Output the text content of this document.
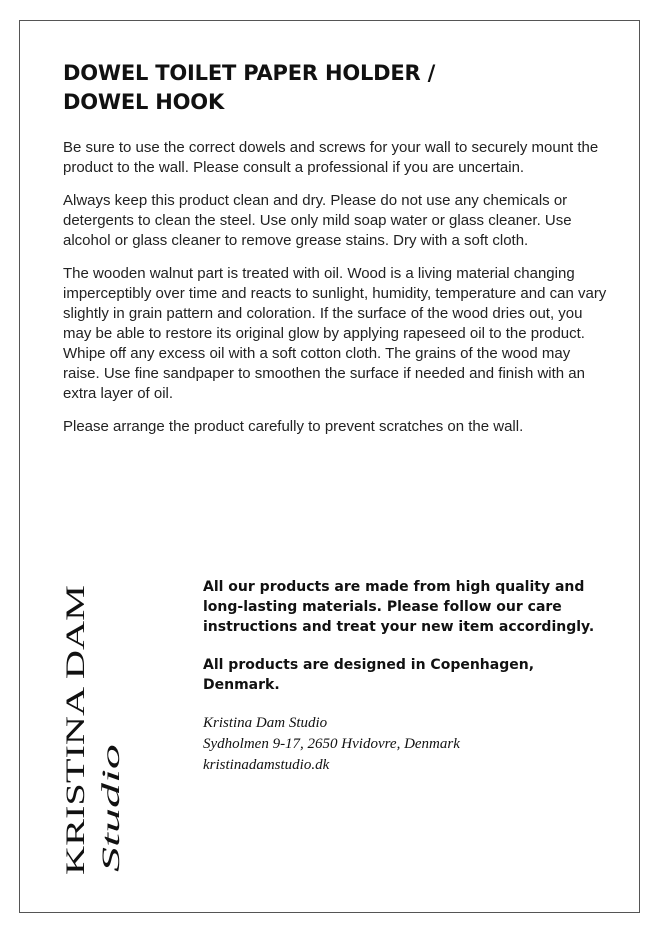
DOWEL TOILET PAPER HOLDER /
DOWEL HOOK

Be sure to use the correct dowels and screws for your wall to securely mount the product to the wall. Please consult a professional if you are uncertain.

Always keep this product clean and dry. Please do not use any chemicals or detergents to clean the steel. Use only mild soap water or glass cleaner. Use alcohol or glass cleaner to remove grease stains. Dry with a soft cloth.

The wooden walnut part is treated with oil. Wood is a living material changing imperceptibly over time and reacts to sunlight, humidity, temperature and can vary slightly in grain pattern and coloration. If the surface of the wood dries out, you may be able to restore its original glow by applying rapeseed oil to the product. Whipe off any excess oil with a soft cotton cloth. The grains of the wood may raise. Use fine sandpaper to smoothen the surface if needed and finish with an extra layer of oil.

Please arrange the product carefully to prevent scratches on the wall.

KRISTINA DAM Studio

All our products are made from high quality and long-lasting materials. Please follow our care instructions and treat your new item accordingly.

All products are designed in Copenhagen, Denmark.

Kristina Dam Studio
Sydholmen 9-17, 2650 Hvidovre, Denmark
kristinadamstudio.dk
